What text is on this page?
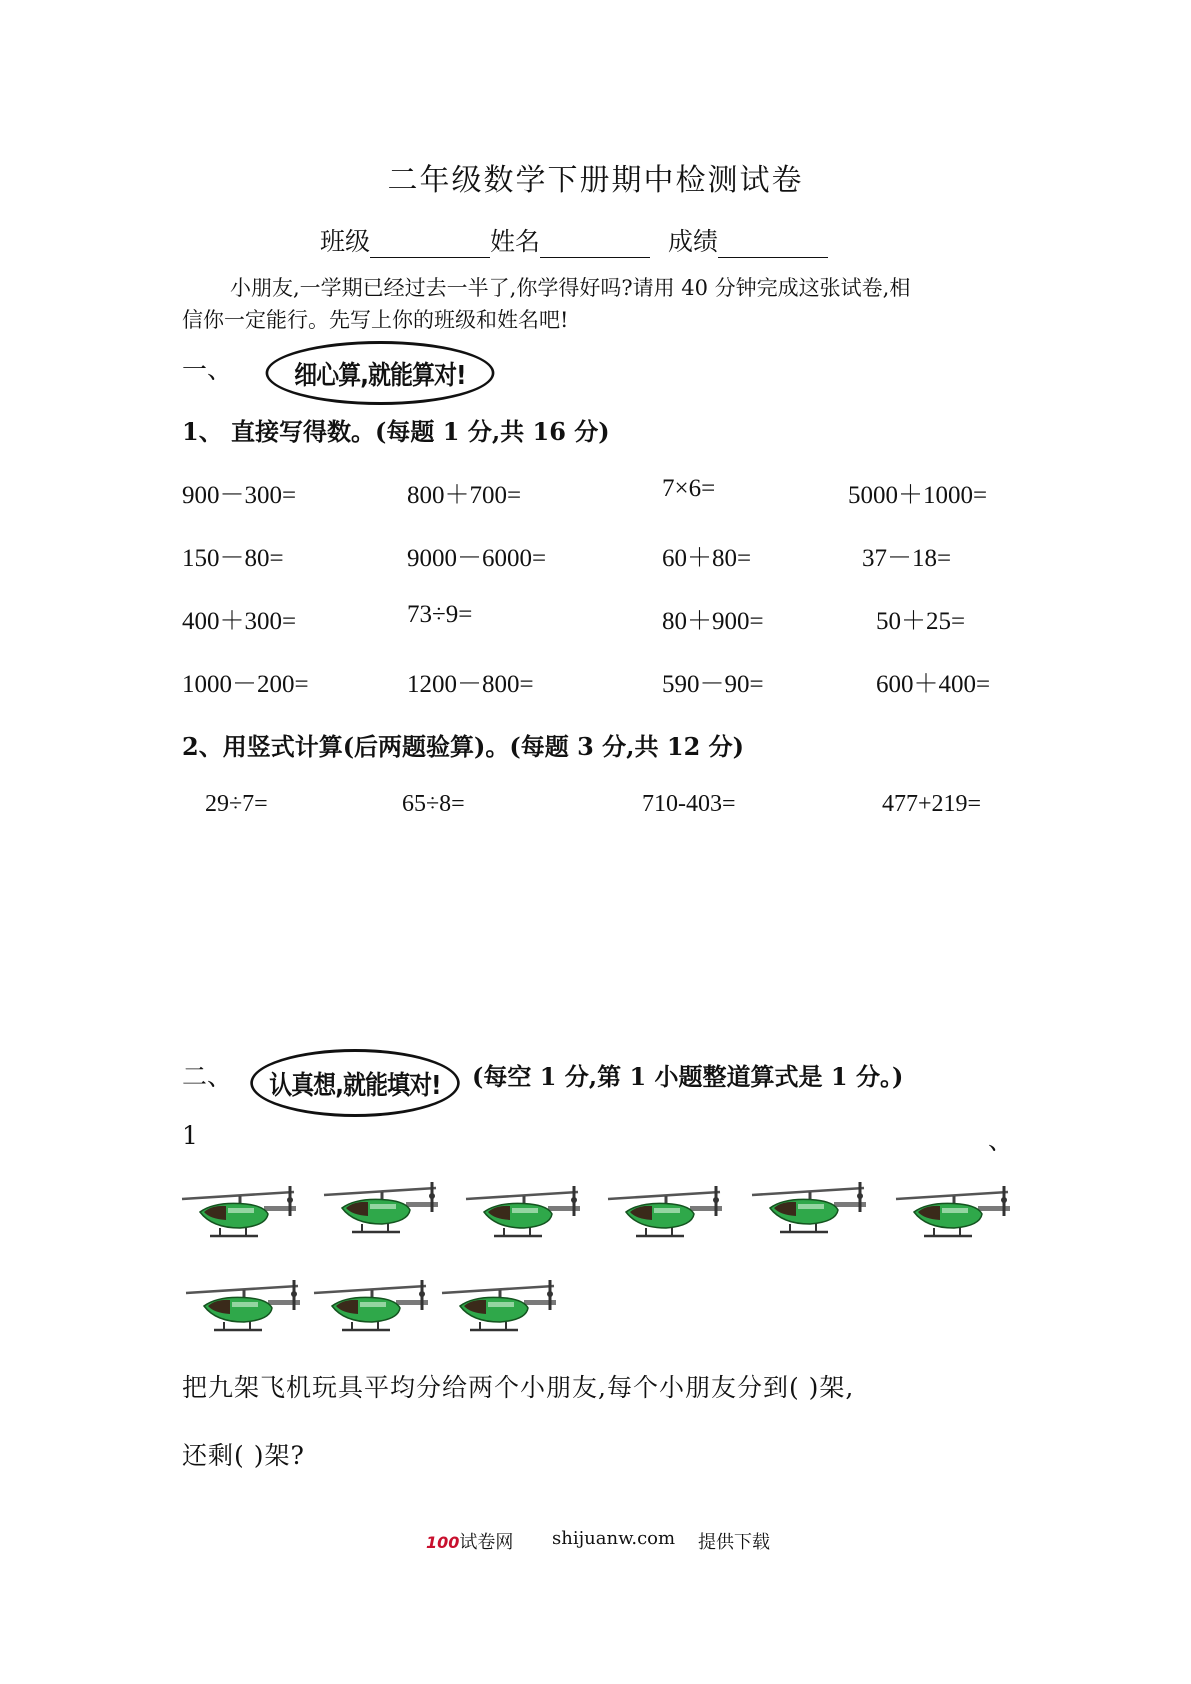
二年级数学下册期中检测试卷
班级	姓名	成绩
小朋友,一学期已经过去一半了,你学得好吗?请用 40 分钟完成这张试卷,相
信你一定能行。先写上你的班级和姓名吧!
一、	细心算,就能算对!
1、 直接写得数。(每题 1 分,共 16 分)
900－300=	800＋700=	7×6=	5000＋1000=
150－80=	9000－6000=	60＋80=	37－18=
400＋300=	73÷9=	80＋900=	50＋25=
1000－200=	1200－800=	590－90=	600＋400=
2、用竖式计算(后两题验算)。(每题 3 分,共 12 分)
29÷7=	65÷8=	710-403=	477+219=
二、	认真想,就能填对!	(每空 1 分,第 1 小题整道算式是 1 分。)
1	、
把九架飞机玩具平均分给两个小朋友,每个小朋友分到( )架,
还剩( )架?
100试卷网 shijuanw.com 提供下载
